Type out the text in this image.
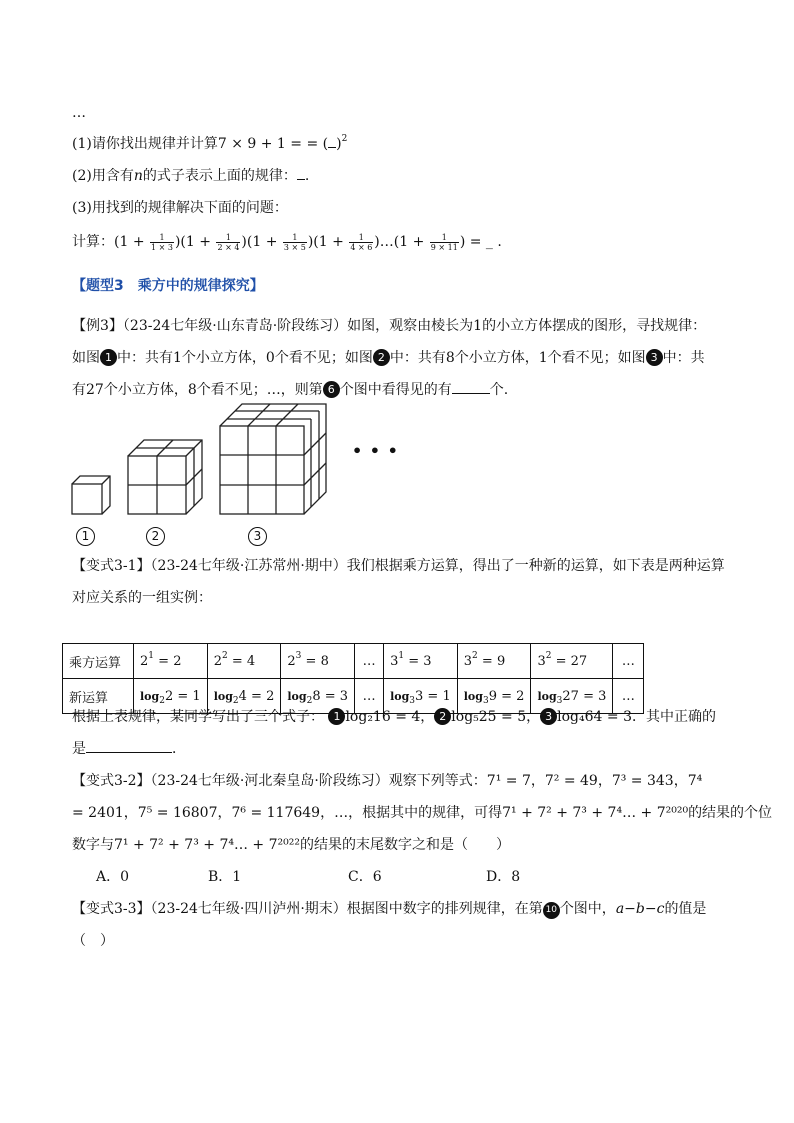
…
(1)请你找出规律并计算7 × 9 + 1 = = ( )$^2$
(2)用含有n的式子表示上面的规律： .
(3)用找到的规律解决下面的问题：
计算：$(1 + \frac{1}{1 \times 3} )(1 + \frac{1}{2 \times 4} )(1 + \frac{1}{3 \times 5} )(1 + \frac{1}{4 \times 6}$ )…(1 + $\frac{1}{9 \times 11}$ ) = _ .
【题型3　乘方中的规律探究】
【例3】（23-24七年级·山东青岛·阶段练习）如图，观察由棱长为1的小立方体摆成的图形，寻找规律：
如图 1 中：共有1个小立方体，0个看不见；如图 2 中：共有8个小立方体，1个看不见；如图 3 中：共
有27个小立方体，8个看不见；…，则第 6 个图中看得见的有	个.
• • •
1	2	3
【变式3-1】（23-24七年级·江苏常州·期中）我们根据乘方运算，得出了一种新的运算，如下表是两种运算
对应关系的一组实例：
乘方运算	$2^1 = 2$	$2^2 = 4$	$2^3 = 8$	…	$3^1 = 3$	$3^2 = 9$	$3^2 = 27$	…
新运算	$\log_22 = 1$	$\log_24 = 2$	$\log_28 = 3$	…	$\log_33 = 1$	$\log_39 = 2$	$\log_327 = 3$	…
根据上表规律，某同学写出了三个式子： 1 log₂16 = 4， 2 log₅25 = 5， 3 log₄64 = 3．其中正确的
是	．
【变式3-2】（23-24七年级·河北秦皇岛·阶段练习）观察下列等式：7¹ = 7，7² = 49，7³ = 343，7⁴
= 2401，7⁵ = 16807，7⁶ = 117649，…，根据其中的规律，可得7¹ + 7² + 7³ + 7⁴… + 7²⁰²⁰的结果的个位
数字与7¹ + 7² + 7³ + 7⁴… + 7²⁰²²的结果的末尾数字之和是（　　）
A．0	B．1	C．6	D．8
【变式3-3】（23-24七年级·四川泸州·期末）根据图中数字的排列规律，在第 10 个图中，a−b−c的值是
（　）
